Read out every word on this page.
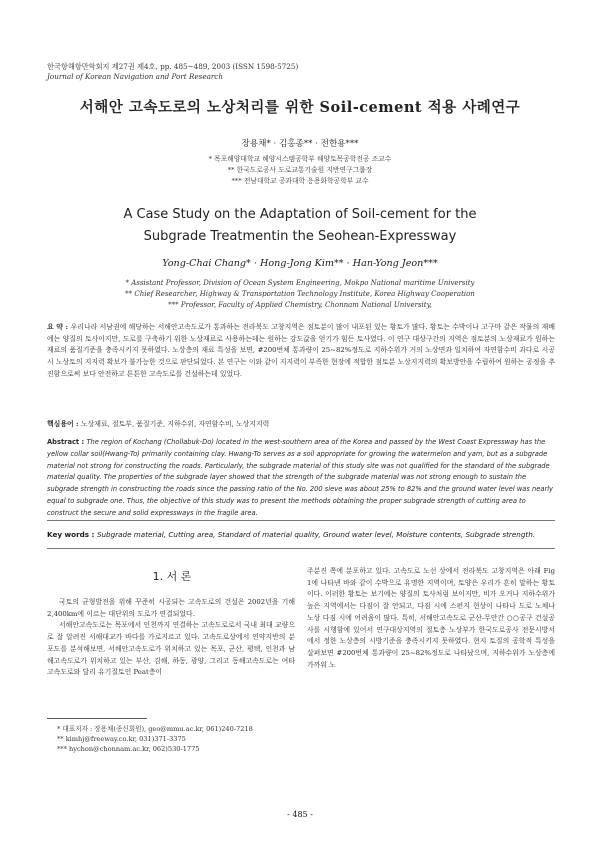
한국항해항만학회지 제27권 제4호, pp. 485~489, 2003 (ISSN 1598-5725)
Journal of Korean Navigation and Port Research
서해안 고속도로의 노상처리를 위한 Soil-cement 적용 사례연구
장용채* · 김홍종** · 전한용***
* 목포해양대학교 해양시스템공학부 해양토목공학전공 조교수
** 한국도로공사 도로교통기술원 지반연구그룹장
*** 전남대학교 공과대학 응용화학공학부 교수
A Case Study on the Adaptation of Soil-cement for the
Subgrade Treatmentin the Seohean-Expressway
Yong-Chai Chang* · Hong-Jong Kim** · Han-Yong Jeon***
* Assistant Professor, Division of Ocean System Engineering, Mokpo National maritime University
** Chief Researcher, Highway & Transportation Technology Institute, Korea Highway Cooperation
*** Professor, Faculty of Applied Chemistry, Chonnam National University,
요 약 : 우리나라 서남권에 해당하는 서해안고속도로가 통과하는 전라북도 고창지역은 점토분이 많이 내포된 있는 황토가 많다. 황토는 수박이나 고구마 같은 작물의 재배에는 양질의 토사이지만, 도로를 구축하기 위한 노상재료로 사용하는데는 원하는 강도값을 얻기가 힘든 토사였다. 이 연구 대상구간의 지역은 점토분의 노상재료가 원하는 재료의 품질기준을 충족시키지 못하였다. 노상층의 재료 특성을 보면, #200번체 통과량이 25~82%정도로 지하수위가 거의 노상면과 일치하여 자연함수비 과다로 시공시 노상토의 지지력 확보가 불가능한 것으로 판단되었다. 본 연구는 이와 같이 지지력이 부족한 현장에 적합한 점토분 노상지지력의 확보방안을 수립하여 원하는 공정을 추진함으로써 보다 안전하고 튼튼한 고속도로를 건설하는데 있었다.
핵심용어 : 노상재료, 절토부, 품질기준, 지하수위, 자연함수비, 노상지지력
Abstract : The region of Kochang (Chollabuk-Do) located in the west-southern area of the Korea and passed by the West Coast Expressway has the yellow collar soil(Hwang-To) primarily containing clay. Hwang-To serves as a soil appropriate for growing the watermelon and yam, but as a subgrade material not strong for constructing the roads. Particularly, the subgrade material of this study site was not qualified for the standard of the subgrade material quality. The properties of the subgrade layer showed that the strength of the subgrade material was not strong enough to sustain the subgrade strength in constructing the roads since the passing ratio of the No. 200 sieve was about 25% to 82% and the ground water level was nearly equal to subgrade one. Thus, the objective of this study was to present the methods obtaining the proper subgrade strength of cutting area to construct the secure and solid expressways in the fragile area.
Key words : Subgrade material, Cutting area, Standard of material quality, Ground water level, Moisture contents, Subgrade strength.
1. 서 론

국토의 균형발전을 위해 꾸준히 시공되는 고속도로의 건설은 2002년을 기해 2,400km에 이르는 대단위의 도로가 연결되었다.

서해안고속도로는 목포에서 인천까지 연결하는 고속도로로서 국내 최대 교량으로 잘 알려진 서해대교가 바다를 가로지르고 있다. 고속도로상에서 연약지반의 분포도를 분석해보면, 서해안고속도로가 위치하고 있는 목포, 군산, 평택, 인천과 남해고속도로가 위치하고 있는 부산, 김해, 하동, 광양, 그리고 동해고속도로는 여타 고속도로와 달리 유기질토인 Peat층이

주분진 쪽에 분포하고 있다. 고속도로 노선 상에서 전라북도 고창지역은 아래 Fig 1에 나타낸 바와 같이 수박으로 유명한 지역이며, 토양은 우리가 흔히 말하는 황토이다. 이러한 황토는 보기에는 양질의 토사처럼 보이지만, 비가 오거나 지하수위가 높은 지역에서는 다짐이 잘 안되고, 다짐 시에 스펀지 현상이 나타나 도로 노체나 노상 다짐 시에 어려움이 많다. 특히, 서해안고속도로 군산-무안간 ○○공구 건설공사를 시행함에 있어서 연구대상지역의 절토층 노상부가 한국도로공사 전문시방서에서 정한 노상층의 시방기준을 충족시키지 못하였다. 현지 토질의 공학적 특성을 살펴보면 #200번체 통과량이 25~82%정도로 나타났으며, 지하수위가 노상층에 가까워 노

* 대표저자 : 장용채(종신회원), geo@mmu.ac.kr, 061)240-7218
** kimhj@freeway.co.kr, 031)371-3375
*** hychon@chonnam.ac.kr, 062)530-1775
- 485 -
